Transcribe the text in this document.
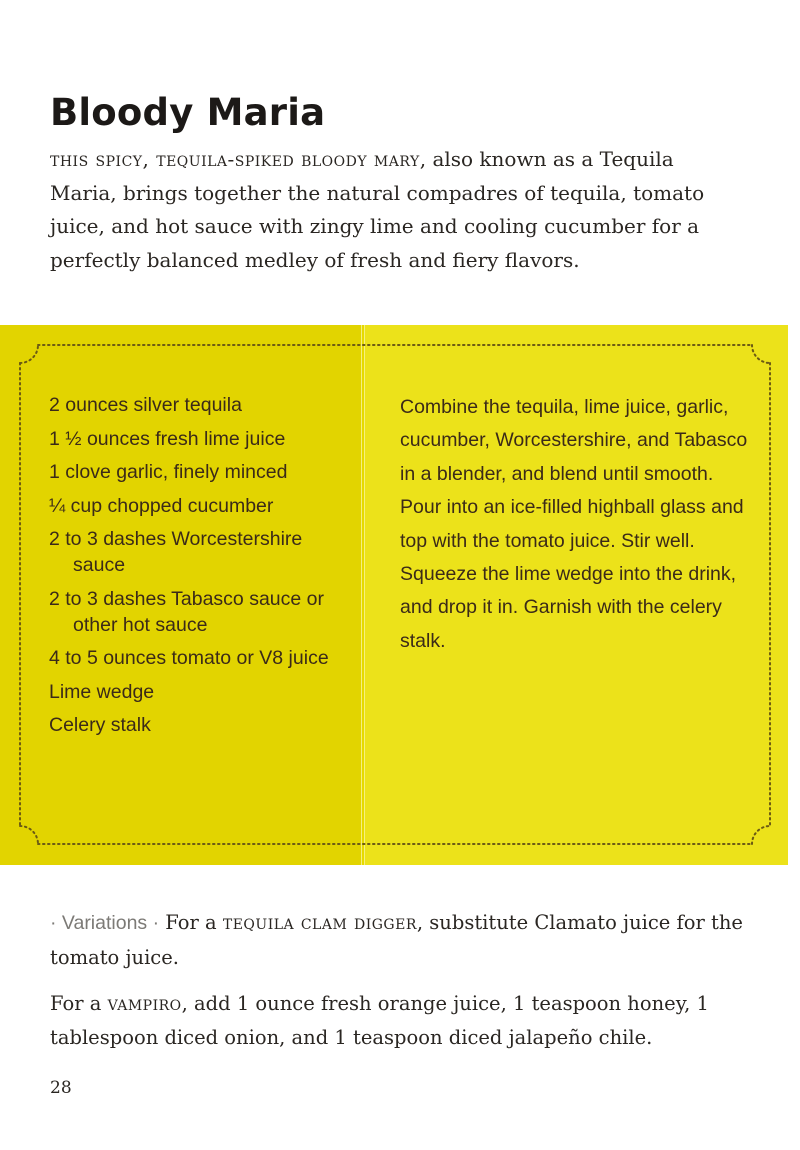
Bloody Maria

this spicy, tequila-spiked bloody mary, also known as a Tequila Maria, brings together the natural compadres of tequila, tomato juice, and hot sauce with zingy lime and cooling cucumber for a perfectly balanced medley of fresh and fiery flavors.

2 ounces silver tequila
1 ½ ounces fresh lime juice
1 clove garlic, finely minced
¼ cup chopped cucumber
2 to 3 dashes Worcestershire sauce
2 to 3 dashes Tabasco sauce or other hot sauce
4 to 5 ounces tomato or V8 juice
Lime wedge
Celery stalk

Combine the tequila, lime juice, garlic, cucumber, Worcestershire, and Tabasco in a blender, and blend until smooth. Pour into an ice-filled highball glass and top with the tomato juice. Stir well. Squeeze the lime wedge into the drink, and drop it in. Garnish with the celery stalk.

· Variations · For a tequila clam digger, substitute Clamato juice for the tomato juice.

For a vampiro, add 1 ounce fresh orange juice, 1 teaspoon honey, 1 tablespoon diced onion, and 1 teaspoon diced jalapeño chile.

28
